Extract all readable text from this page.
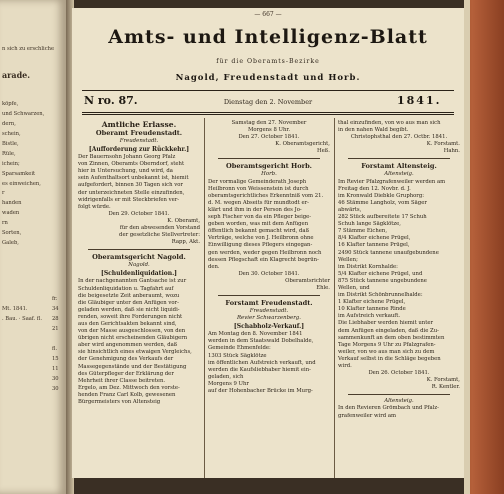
n sich zu erschliche
arade.
köpfe,
und Schwarzen,
dern,
schein,
Bistle,
Rüle,
ichein;
Sparsamkeit
es einweichen,
r
handen
waden
rn
Sorten,
Galeb,
Mt. 1841.
. Bau. · Saaf. fl.
fr.
34
28
21
fl.
15
11
30
30
— 667 —
Amts- und Intelligenz-Blatt
für die Oberamts-Bezirke
Nagold, Freudenstadt und Horb.
N ro. 87.	Dienstag den 2. November	1841.
Amtliche Erlasse.
Oberamt Freudenstadt.
Freudenstadt.
[Aufforderung zur Rückkehr.]

Der Bauernsohn Johann Georg Pfalz

von Zinnen, Oberamts Oberndorf, steht

hier in Untersuchung, und wird, da

sein Aufenthaltsort unbekannt ist, hiemit

aufgefordert, binnen 30 Tagen sich vor

der unterzeichneten Stelle einzufinden,

widrigenfalls er mit Steckbriefen ver-

folgt würde.

Den 29. October 1841.

K. Oberamt,

für den abwesenden Vorstand

der gesetzliche Stellvertreter:

Rapp, Akt.

Oberamtsgericht Nagold.
Nagold.
[Schuldenliquidation.]

In der nachgenannten Gantsache ist zur

Schuldenliquidation u. Tagfahrt auf

die beigesetzte Zeit anberaumt, wozu

die Gläubiger unter den Anfügen vor-

geladen werden, daß sie nicht liquidi-

renden, soweit ihre Forderungen nicht

aus den Gerichtsakten bekannt sind,

von der Masse ausgeschlossen, von den

übrigen nicht erscheinenden Gläubigern

aber wird angenommen werden, daß

sie hinsichtlich eines etwaigen Vergleichs,

der Genehmigung des Verkaufs der

Massegegenstände und der Bestätigung

des Güterpfleger der Erklärung der

Mehrheit ihrer Classe beitreten.

Ergelo, am Dez. Mittwoch den vorste-

henden Franz Carl Kolb, gewesenen

Bürgermeisters von Altensteig

Samstag den 27. November

Morgens 8 Uhr.

Den 27. October 1841.

K. Oberamtsgericht,

Heß.

Oberamtsgericht Horb.
Horb.

Der vormalige Gemeinderath Joseph

Heilbronn von Weissenstein ist durch

oberamtsgerichtliches Erkenntniß vom 21.

d. M. wegen Abseits für mundtodt er-

klärt und ihm in der Person des Jo-

seph Fischer von da ein Pfleger beige-

geben worden, was mit dem Anfügen

öffentlich bekannt gemacht wird, daß

Verträge, welche von J. Heilbronn ohne

Einwilligung dieses Pflegers eingegan-

gen werden, weder gegen Heilbronn noch

dessen Pflegschaft ein Klagrecht begrün-

den.

Den 30. October 1841.

Oberamtsrichter

Ehle.

Forstamt Freudenstadt.
Freudenstadt.
Revier Schwarzenberg.
[Schabholz-Verkauf.]

Am Montag den 8. November 1841

werden in dem Staatswald Dobelhalde,

Gemeinde Ehmenfelde:

1303 Stück Sägklötze

im öffentlichen Aufstreich verkauft, und

werden die Kaufsliebhaber hiemit ein-

geladen, sich

Morgens 9 Uhr

auf der Hohenbacher Brücke im Murg-

thal einzufinden, von wo aus man sich

in den nahen Wald begibt.

Christophsthal den 27. Octbr. 1841.

K. Forstamt.

Hahn.

Forstamt Altensteig.
Altensteig.

Im Revier Pfalzgrafenweiler werden am

Freitag den 12. Novbr. d. J.

im Kronwald Diebkle Gruphorg:

46 Stämme Langholz, vom Säger

abwärts,

282 Stück aufbereitete 17 Schuh

Schuh lange Sägklötze,

7 Stämme Eichen,

8/4 Klafter eichene Prügel,

16 Klafter tannene Prügel,

2490 Stück tannene unaufgebundene

Wellen;

im Distrikt Kornhalde:

5/4 Klafter eichene Prügel, und

875 Stück tannene ungebundene

Wellen, und

im Distrikt Schönbrunnelhalde:

1 Klafter eichene Prügel,

10 Klafter tannene Rinde

im Aufstreich verkauft.

Die Liebhaber werden hiemit unter

dem Anfügen eingeladen, daß die Zu-

sammenkunft an dem oben bestimmten

Tage Morgens 9 Uhr zu Pfalzgrafen-

weiler, von wo aus man sich zu dem

Verkauf selbst in die Schläge begeben

wird.

Den 26. October 1841.

K. Forstamt,

R. Kentler.

Altensteig.

In den Revieren Grömbach und Pfalz-

grafenweiler wird am
